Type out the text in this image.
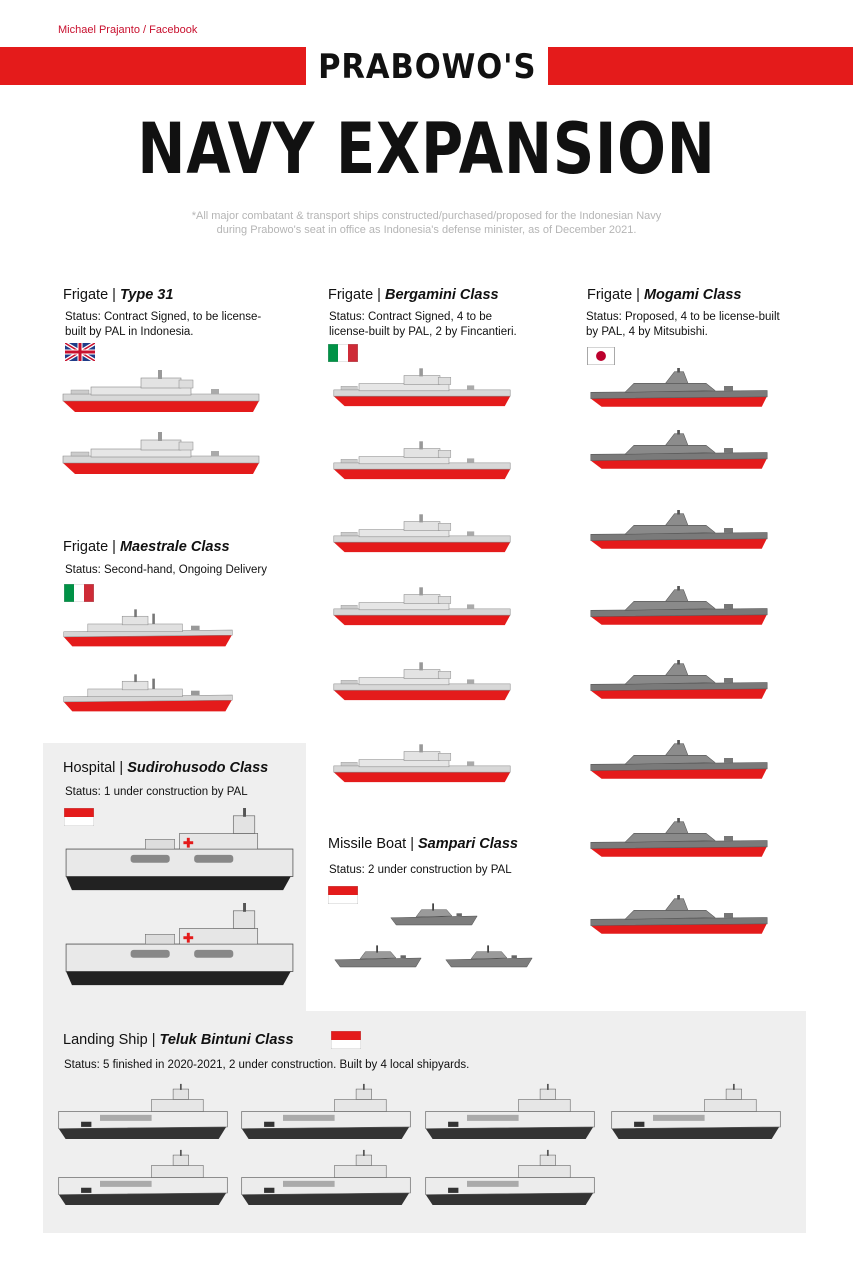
Michael Prajanto / Facebook
PRABOWO'S
NAVY EXPANSION
*All major combatant & transport ships constructed/purchased/proposed for the Indonesian Navy
during Prabowo's seat in office as Indonesia's defense minister, as of December 2021.
Frigate | Type 31
Status: Contract Signed, to be license-
built by PAL in Indonesia.
Frigate | Bergamini Class
Status: Contract Signed, 4 to be
license-built by PAL, 2 by Fincantieri.
Frigate | Mogami Class
Status: Proposed, 4 to be license-built
by PAL, 4 by Mitsubishi.
Frigate | Maestrale Class
Status: Second-hand, Ongoing Delivery
Hospital | Sudirohusodo Class
Status: 1 under construction by PAL
Missile Boat | Sampari Class
Status: 2 under construction by PAL
Landing Ship | Teluk Bintuni Class
Status: 5 finished in 2020-2021, 2 under construction. Built by 4 local shipyards.
